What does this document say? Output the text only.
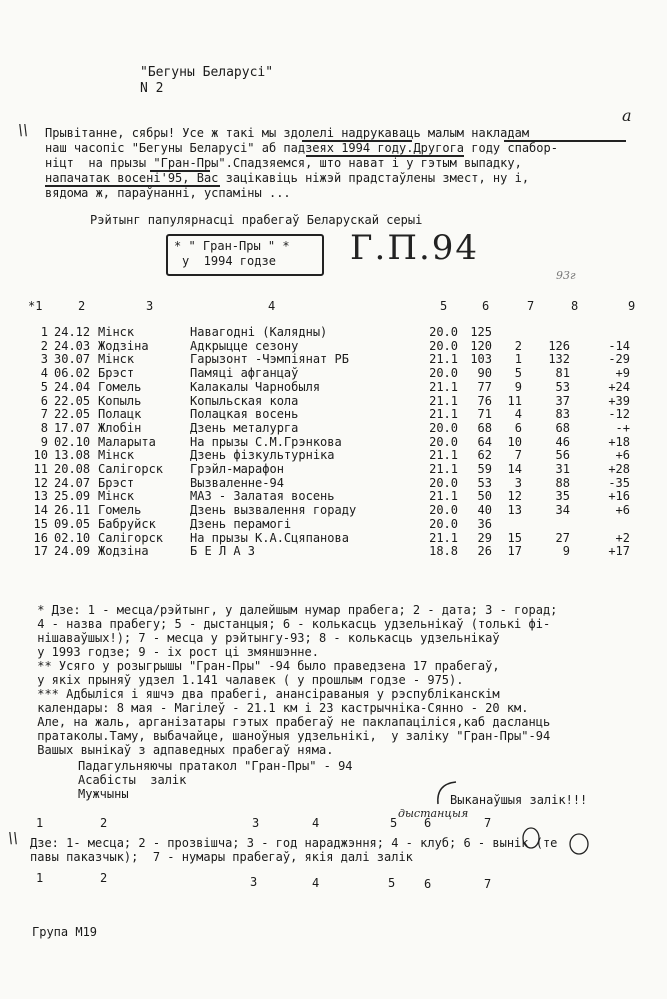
"Бегуны Беларусі"
N 2
\\
а
Прывітанне, сябры! Усе ж такі мы здолелі надрукаваць малым накладам
наш часопіс "Бегуны Беларусі" аб падзеях 1994 году.Другога году спабор-
ніцт  на прызы "Гран-Пры".Спадзяемся, што нават і у гэтым выпадку,
напачатак восені'95, Вас зацікавіць ніжэй прадстаўлены змест, ну і,
вядома ж, параўнанні, успаміны ...
Рэйтынг папулярнасці прабегаў Беларускай серыі
* " Гран-Пры " *
у  1994 годзе Г.П.94
93г
*1	2	3	4	5	6	7	8	9
1	24.12	Мінск	Навагодні (Калядны)	20.0	125			
2	24.03	Жодзіна	Адкрыцце сезону	20.0	120	2	126	-14
3	30.07	Мінск	Гарызонт -Чэмпіянат РБ	21.1	103	1	132	-29
4	06.02	Брэст	Памяці афганцаў	20.0	90	5	81	+9
5	24.04	Гомель	Калакалы Чарнобыля	21.1	77	9	53	+24
6	22.05	Копыль	Копыльская кола	21.1	76	11	37	+39
7	22.05	Полацк	Полацкая восень	21.1	71	4	83	-12
8	17.07	Жлобін	Дзень металурга	20.0	68	6	68	-+
9	02.10	Маларыта	На прызы С.М.Грэнкова	20.0	64	10	46	+18
10	13.08	Мінск	Дзень фізкультурніка	21.1	62	7	56	+6
11	20.08	Салігорск	Грэйл-марафон	21.1	59	14	31	+28
12	24.07	Брэст	Вызваленне-94	20.0	53	3	88	-35
13	25.09	Мінск	МАЗ - Залатая восень	21.1	50	12	35	+16
14	26.11	Гомель	Дзень вызвалення гораду	20.0	40	13	34	+6
15	09.05	Бабруйск	Дзень перамогі	20.0	36			
16	02.10	Салігорск	На прызы К.А.Сцяпанова	21.1	29	15	27	+2
17	24.09	Жодзіна	Б Е Л А З	18.8	26	17	9	+17
* Дзе: 1 - месца/рэйтынг, у далейшым нумар прабега; 2 - дата; 3 - горад;
4 - назва прабегу; 5 - дыстанцыя; 6 - колькасць удзельнікаў (толькі фі-
нішаваўшых!); 7 - месца у рэйтынгу-93; 8 - колькасць удзельнікаў
у 1993 годзе; 9 - іх рост ці змяншэнне.
** Усяго у розыгрышы "Гран-Пры" -94 было праведзена 17 прабегаў,
у якіх прыняў удзел 1.141 чалавек ( у прошлым годзе - 975).
*** Адбыліся і яшчэ два прабегі, анансіраваныя у рэспубліканскім
календары: 8 мая - Магілеў - 21.1 км і 23 кастрычніка-Сянно - 20 км.
Але, на жаль, арганізатары гэтых прабегаў не паклапаціліся,каб дасланць
пратаколы.Таму, выбачайце, шаноўныя удзельнікі,  у заліку "Гран-Пры"-94
Вашых вынікаў з адпаведных прабегаў няма.
Падагульняючы пратакол "Гран-Пры" - 94
Асабісты  залік
Мужчыны	Выканаўшыя залік!!!
дыстанцыя
1	2	3	4	5 6	7
\\ Дзе: 1- месца; 2 - прозвішча; 3 - год нараджэння; 4 - клуб; 6 - вынік (те
павы паказчык);  7 - нумары прабегаў, якія далі залік
1	2	3	4	5 6	7
Група М19
